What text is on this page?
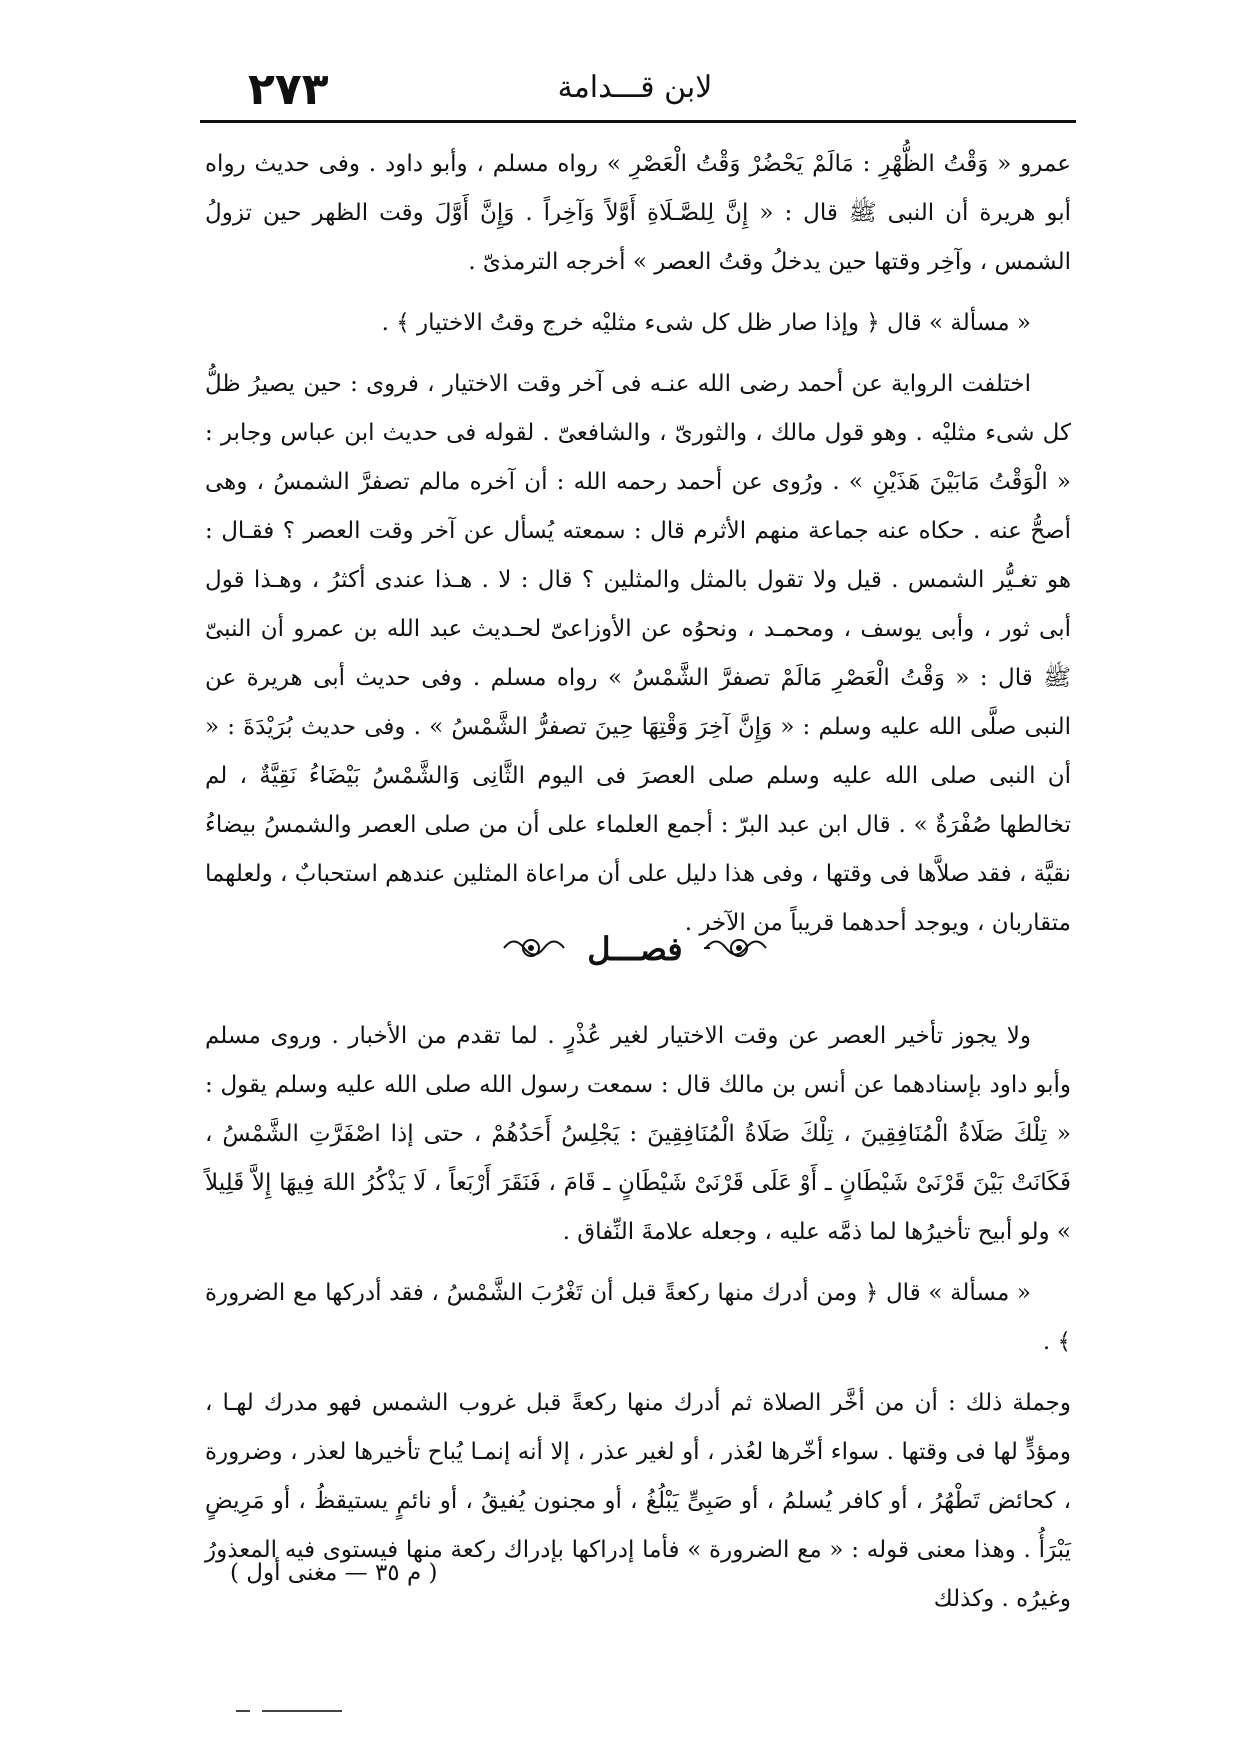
٢٧٣	لابن قـــدامة

عمرو « وَقْتُ الظُّهْرِ : مَالَمْ يَحْضُرْ وَقْتُ الْعَصْرِ » رواه مسلم ، وأبو داود . وفى حديث رواه أبو هريرة أن النبى ﷺ قال : « إِنَّ لِلصَّـلَاةِ أَوَّلاً وَآخِراً . وَإِنَّ أَوَّلَ وقت الظهر حين تزولُ الشمس ، وآخِر وقتها حين يدخلُ وقتُ العصر » أخرجه الترمذىّ .

« مسألة » قال ﴿ وإذا صار ظل كل شىء مثليْه خرج وقتُ الاختيار ﴾ .

اختلفت الرواية عن أحمد رضى الله عنـه فى آخر وقت الاختيار ، فروى : حين يصيرُ ظلُّ كل شىء مثليْه . وهو قول مالك ، والثورىّ ، والشافعىّ . لقوله فى حديث ابن عباس وجابر : « الْوَقْتُ مَابَيْنَ هَذَيْنِ » . ورُوى عن أحمد رحمه الله : أن آخره مالم تصفرَّ الشمسُ ، وهى أصحُّ عنه . حكاه عنه جماعة منهم الأثرم قال : سمعته يُسأل عن آخر وقت العصر ؟ فقـال : هو تغـيُّر الشمس . قيل ولا تقول بالمثل والمثلين ؟ قال : لا . هـذا عندى أكثرُ ، وهـذا قول أبى ثور ، وأبى يوسف ، ومحمـد ، ونحوُه عن الأوزاعىّ لحـديث عبد الله بن عمرو أن النبىّ ﷺ قال : « وَقْتُ الْعَصْرِ مَالَمْ تصفرَّ الشَّمْسُ » رواه مسلم . وفى حديث أبى هريرة عن النبى صلَّى الله عليه وسلم : « وَإِنَّ آخِرَ وَقْتِهَا حِينَ تصفرُّ الشَّمْسُ » . وفى حديث بُرَيْدَةَ : « أن النبى صلى الله عليه وسلم صلى العصرَ فى اليوم الثَّانِى وَالشَّمْسُ بَيْضَاءُ نَقِيَّةٌ ، لم تخالطها صُفْرَةٌ » . قال ابن عبد البرّ : أجمع العلماء على أن من صلى العصر والشمسُ بيضاءُ نقيَّة ، فقد صلاَّها فى وقتها ، وفى هذا دليل على أن مراعاة المثلين عندهم استحبابٌ ، ولعلهما متقاربان ، ويوجد أحدهما قريباً من الآخر .

فصـــل

ولا يجوز تأخير العصر عن وقت الاختيار لغير عُذْرٍ . لما تقدم من الأخبار . وروى مسلم وأبو داود بإسنادهما عن أنس بن مالك قال : سمعت رسول الله صلى الله عليه وسلم يقول : « تِلْكَ صَلَاةُ الْمُنَافِقِينَ ، تِلْكَ صَلَاةُ الْمُنَافِقِينَ : يَجْلِسُ أَحَدُهُمْ ، حتى إذا اصْفَرَّتِ الشَّمْسُ ، فَكَانَتْ بَيْنَ قَرْنَىْ شَيْطَانٍ ـ أَوْ عَلَى قَرْنَىْ شَيْطَانٍ ـ قَامَ ، فَنَقَرَ أَرْبَعاً ، لَا يَذْكُرُ اللهَ فِيهَا إِلاَّ قَلِيلاً » ولو أبيح تأخيرُها لما ذمَّه عليه ، وجعله علامةَ النِّفاق .

« مسألة » قال ﴿ ومن أدرك منها ركعةً قبل أن تَغْرُبَ الشَّمْسُ ، فقد أدركها مع الضرورة ﴾ .

وجملة ذلك : أن من أخَّر الصلاة ثم أدرك منها ركعةً قبل غروب الشمس فهو مدرك لهـا ، ومؤدٍّ لها فى وقتها . سواء أخّرها لعُذر ، أو لغير عذر ، إلا أنه إنمـا يُباح تأخيرها لعذر ، وضرورة ، كحائض تَطْهُرُ ، أو كافر يُسلمُ ، أو صَبِىٍّ يَبْلُغُ ، أو مجنون يُفيقُ ، أو نائمٍ يستيقظُ ، أو مَرِيضٍ يَبْرَأُ . وهذا معنى قوله : « مع الضرورة » فأما إدراكها بإدراك ركعة منها فيستوى فيه المعذورُ وغيرُه . وكذلك

( م ٣٥ — مغنى أول )
